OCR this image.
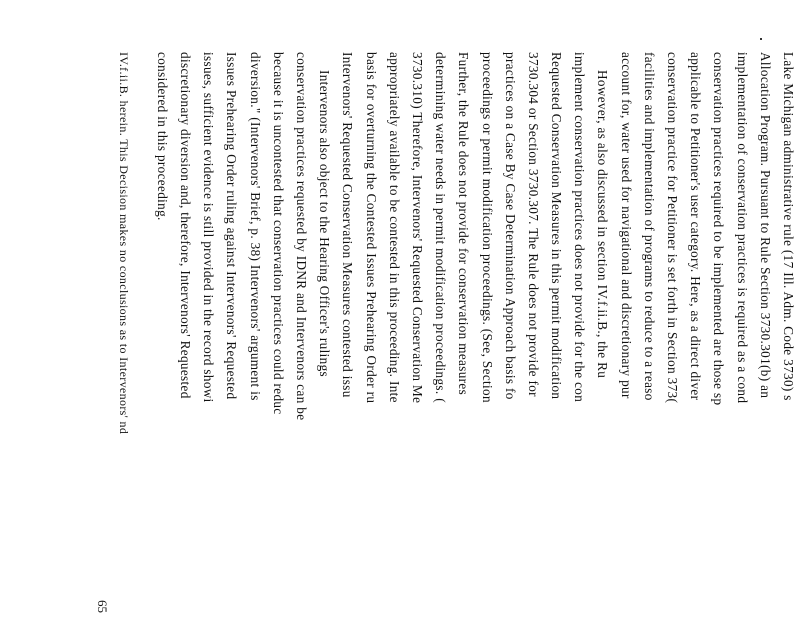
Lake Michigan administrative rule (17 Ill. Adm. Code 3730) s
Allocation Program. Pursuant to Rule Section 3730.301(b) an
implementation of conservation practices is required as a cond
conservation practices required to be implemented are those sp
applicable to Petitioner's user category. Here, as a direct diver
conservation practice for Petitioner is set forth in Section 373(
facilities and implementation of programs to reduce to a reaso
account for, water used for navigational and discretionary pur
However, as also discussed in section IV.f.ii.B., the Ru
implement conservation practices does not provide for the con
Requested Conservation Measures in this permit modification
3730.304 or Section 3730.307. The Rule does not provide for
practices on a Case By Case Determination Approach basis fo
proceedings or permit modification proceedings. (See, Section
Further, the Rule does not provide for conservation measures
determining water needs in permit modification proceedings. (
3730.310) Therefore, Intervenors' Requested Conservation Me
appropriately available to be contested in this proceeding. Inte
basis for overturning the Contested Issues Prehearing Order ru
Intervenors' Requested Conservation Measures contested issu
Intervenors also object to the Hearing Officer's rulings
conservation practices requested by IDNR and Intervenors can be
because it is uncontested that conservation practices could reduc
diversion." (Intervenors' Brief, p. 38) Intervenors' argument is
Issues Prehearing Order ruling against Intervenors' Requested
issues, sufficient evidence is still provided in the record showi
discretionary diversion and, therefore, Intervenors' Requested
considered in this proceeding.
IV.f.ii.B. herein. This Decision makes no conclusions as to Intervenors' nd
65
